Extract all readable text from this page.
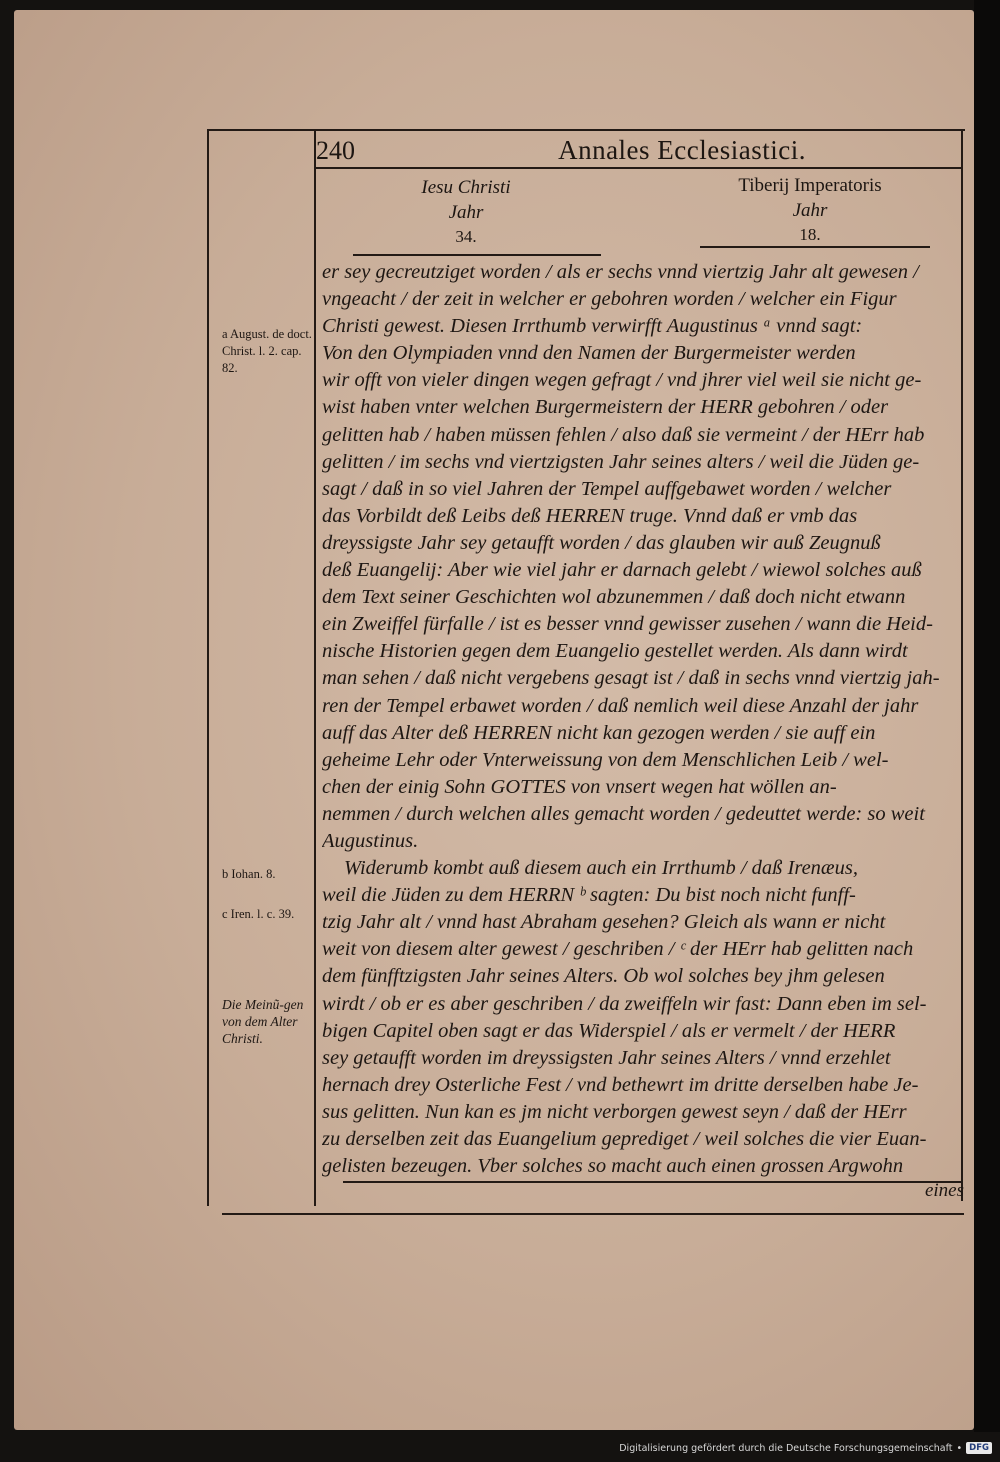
240	Annales Ecclesiastici.
Iesu Christi
Jahr
34.
Tiberij Imperatoris
Jahr
18.
a August. de doct. Christ. l. 2. cap. 82.
b Iohan. 8.
c Iren. l. c. 39.
Die Meinũ-gen von dem Alter Christi.
er sey gecreutziget worden / als er sechs vnnd viertzig Jahr alt gewesen /
vngeacht / der zeit in welcher er gebohren worden / welcher ein Figur
Christi gewest. Diesen Irrthumb verwirfft Augustinus ᵃ vnnd sagt:
Von den Olympiaden vnnd den Namen der Burgermeister werden
wir offt von vieler dingen wegen gefragt / vnd jhrer viel weil sie nicht ge-
wist haben vnter welchen Burgermeistern der HERR gebohren / oder
gelitten hab / haben müssen fehlen / also daß sie vermeint / der HErr hab
gelitten / im sechs vnd viertzigsten Jahr seines alters / weil die Jüden ge-
sagt / daß in so viel Jahren der Tempel auffgebawet worden / welcher
das Vorbildt deß Leibs deß HERREN truge. Vnnd daß er vmb das
dreyssigste Jahr sey getaufft worden / das glauben wir auß Zeugnuß
deß Euangelij: Aber wie viel jahr er darnach gelebt / wiewol solches auß
dem Text seiner Geschichten wol abzunemmen / daß doch nicht etwann
ein Zweiffel fürfalle / ist es besser vnnd gewisser zusehen / wann die Heid-
nische Historien gegen dem Euangelio gestellet werden. Als dann wirdt
man sehen / daß nicht vergebens gesagt ist / daß in sechs vnnd viertzig jah-
ren der Tempel erbawet worden / daß nemlich weil diese Anzahl der jahr
auff das Alter deß HERREN nicht kan gezogen werden / sie auff ein
geheime Lehr oder Vnterweissung von dem Menschlichen Leib / wel-
chen der einig Sohn GOTTES von vnsert wegen hat wöllen an-
nemmen / durch welchen alles gemacht worden / gedeuttet werde: so weit
Augustinus.
Widerumb kombt auß diesem auch ein Irrthumb / daß Irenæus,
weil die Jüden zu dem HERRN ᵇ sagten: Du bist noch nicht funff-
tzig Jahr alt / vnnd hast Abraham gesehen? Gleich als wann er nicht
weit von diesem alter gewest / geschriben / ᶜ der HErr hab gelitten nach
dem fünfftzigsten Jahr seines Alters. Ob wol solches bey jhm gelesen
wirdt / ob er es aber geschriben / da zweiffeln wir fast: Dann eben im sel-
bigen Capitel oben sagt er das Widerspiel / als er vermelt / der HERR
sey getaufft worden im dreyssigsten Jahr seines Alters / vnnd erzehlet
hernach drey Osterliche Fest / vnd bethewrt im dritte derselben habe Je-
sus gelitten. Nun kan es jm nicht verborgen gewest seyn / daß der HErr
zu derselben zeit das Euangelium geprediget / weil solches die vier Euan-
gelisten bezeugen. Vber solches so macht auch einen grossen Argwohn
eines
Digitalisierung gefördert durch die Deutsche Forschungsgemeinschaft • DFG
